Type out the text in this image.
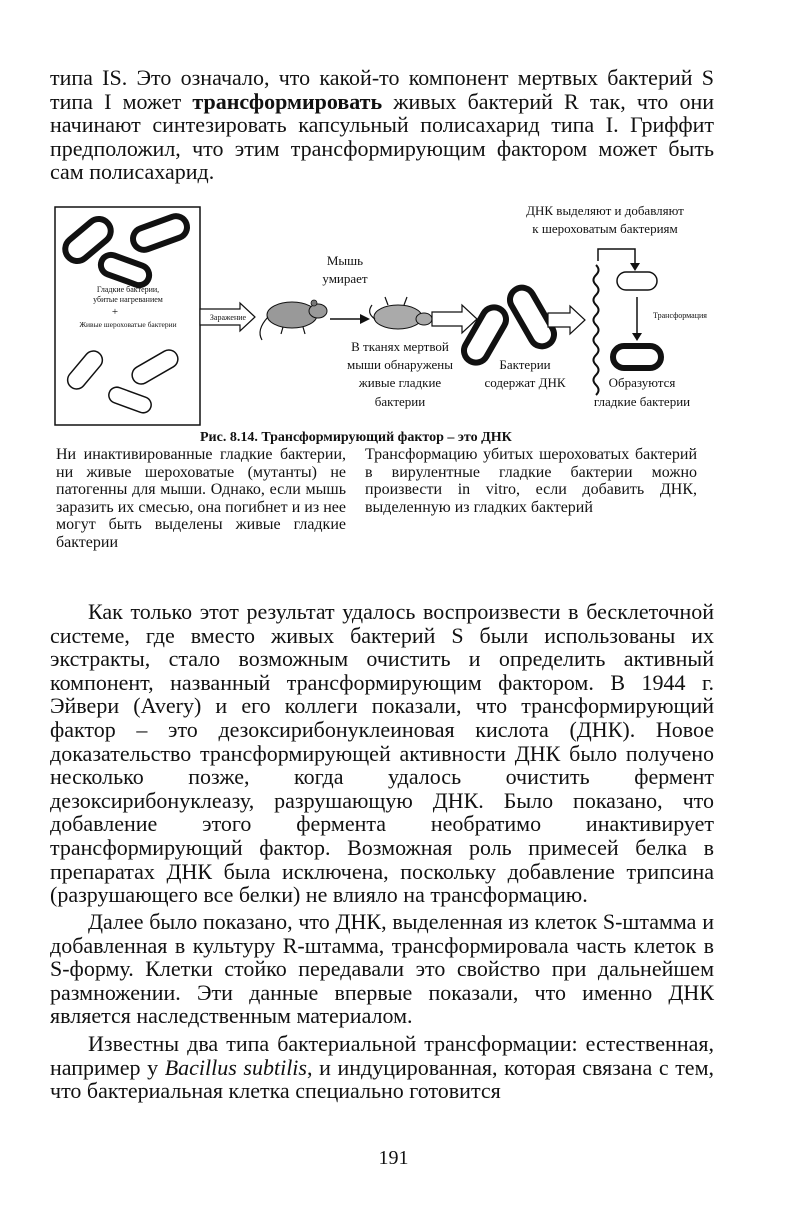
типа IS. Это означало, что какой-то компонент мертвых бактерий S типа I может трансформировать живых бактерий R так, что они начинают синтезировать капсульный полисахарид типа I. Гриффит предположил, что этим трансформирующим фактором может быть сам полисахарид.

Гладкие бактерии,
убитые нагреванием
+
Живые шероховатые бактерии
Заражение
Мышь
умирает
В тканях мертвой
мыши обнаружены
живые гладкие
бактерии
Бактерии
содержат ДНК
ДНК выделяют и добавляют
к шероховатым бактериям
Трансформация
Образуются
гладкие бактерии

Рис. 8.14. Трансформирующий фактор – это ДНК

Ни инактивированные гладкие бактерии, ни живые шероховатые (мутанты) не патогенны для мыши. Однако, если мышь заразить их смесью, она погибнет и из нее могут быть выделены живые гладкие бактерии

Трансформацию убитых шероховатых бактерий в вирулентные гладкие бактерии можно произвести in vitro, если добавить ДНК, выделенную из гладких бактерий

Как только этот результат удалось воспроизвести в бесклеточной системе, где вместо живых бактерий S были использованы их экстракты, стало возможным очистить и определить активный компонент, названный трансформирующим фактором. В 1944 г. Эйвери (Avery) и его коллеги показали, что трансформирующий фактор – это дезоксирибонуклеиновая кислота (ДНК). Новое доказательство трансформирующей активности ДНК было получено несколько позже, когда удалось очистить фермент дезоксирибонуклеазу, разрушающую ДНК. Было показано, что добавление этого фермента необратимо инактивирует трансформирующий фактор. Возможная роль примесей белка в препаратах ДНК была исключена, поскольку добавление трипсина (разрушающего все белки) не влияло на трансформацию.

Далее было показано, что ДНК, выделенная из клеток S-штамма и добавленная в культуру R-штамма, трансформировала часть клеток в S-форму. Клетки стойко передавали это свойство при дальнейшем размножении. Эти данные впервые показали, что именно ДНК является наследственным материалом.

Известны два типа бактериальной трансформации: естественная, например у Bacillus subtilis, и индуцированная, которая связана с тем, что бактериальная клетка специально готовится

191
